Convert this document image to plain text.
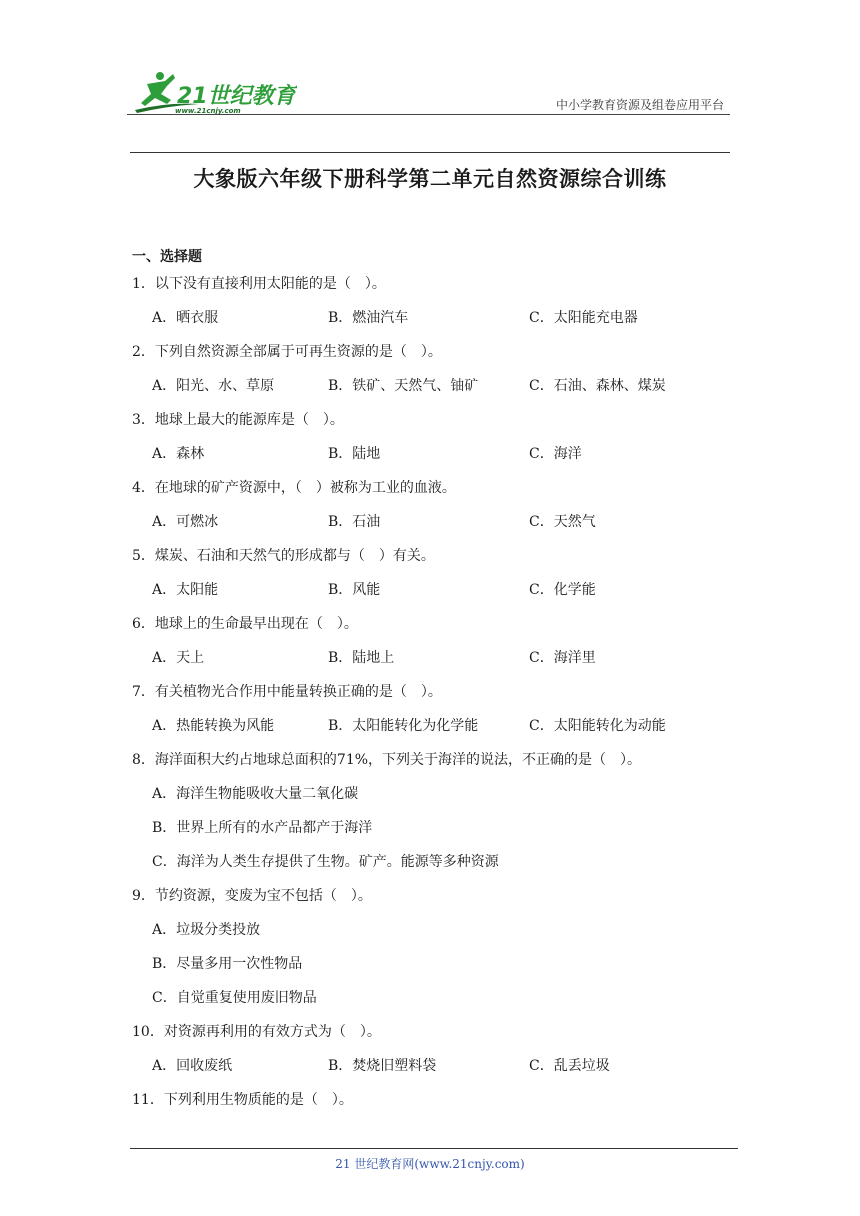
21世纪教育
www.21cnjy.com	中小学教育资源及组卷应用平台
大象版六年级下册科学第二单元自然资源综合训练
一、选择题
1．以下没有直接利用太阳能的是（　）。
A．晒衣服	B．燃油汽车	C．太阳能充电器
2．下列自然资源全部属于可再生资源的是（　）。
A．阳光、水、草原	B．铁矿、天然气、铀矿	C．石油、森林、煤炭
3．地球上最大的能源库是（　）。
A．森林	B．陆地	C．海洋
4．在地球的矿产资源中，（　）被称为工业的血液。
A．可燃冰	B．石油	C．天然气
5．煤炭、石油和天然气的形成都与（　）有关。
A．太阳能	B．风能	C．化学能
6．地球上的生命最早出现在（　）。
A．天上	B．陆地上	C．海洋里
7．有关植物光合作用中能量转换正确的是（　）。
A．热能转换为风能	B．太阳能转化为化学能	C．太阳能转化为动能
8．海洋面积大约占地球总面积的71%，下列关于海洋的说法，不正确的是（　）。
A．海洋生物能吸收大量二氧化碳
B．世界上所有的水产品都产于海洋
C．海洋为人类生存提供了生物。矿产。能源等多种资源
9．节约资源，变废为宝不包括（　）。
A．垃圾分类投放
B．尽量多用一次性物品
C．自觉重复使用废旧物品
10．对资源再利用的有效方式为（　）。
A．回收废纸	B．焚烧旧塑料袋	C．乱丢垃圾
11．下列利用生物质能的是（　）。
21 世纪教育网(www.21cnjy.com)
